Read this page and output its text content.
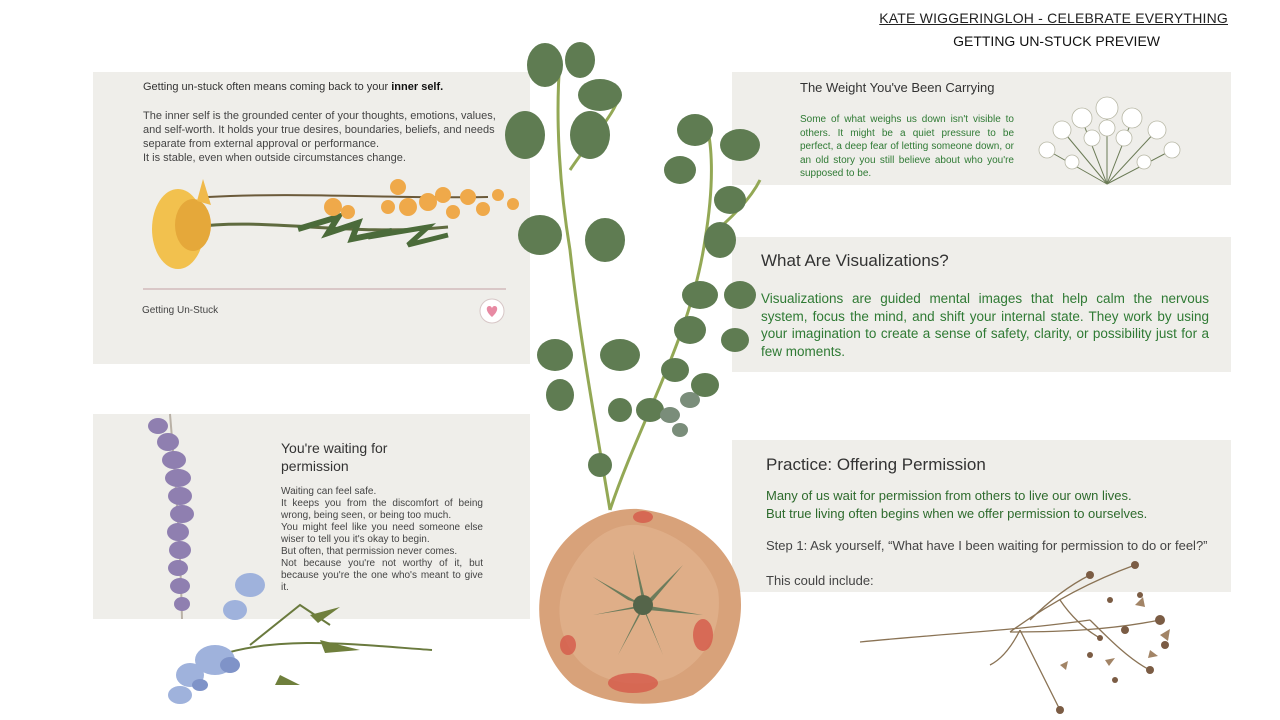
KATE WIGGERINGLOH - CELEBRATE EVERYTHING
GETTING UN-STUCK PREVIEW
Getting un-stuck often means coming back to your inner self.
The inner self is the grounded center of your thoughts, emotions, values, and self-worth. It holds your true desires, boundaries, beliefs, and needs separate from external approval or performance.
It is stable, even when outside circumstances change.
Getting Un-Stuck
The Weight You've Been Carrying
Some of what weighs us down isn't visible to others. It might be a quiet pressure to be perfect, a deep fear of letting someone down, or an old story you still believe about who you're supposed to be.
What Are Visualizations?
Visualizations are guided mental images that help calm the nervous system, focus the mind, and shift your internal state. They work by using your imagination to create a sense of safety, clarity, or possibility just for a few moments.
You're waiting for permission

Waiting can feel safe.

It keeps you from the discomfort of being wrong, being seen, or being too much.

You might feel like you need someone else wiser to tell you it's okay to begin.

But often, that permission never comes.

Not because you're not worthy of it, but because you're the one who's meant to give it.

Practice: Offering Permission
Many of us wait for permission from others to live our own lives.
But true living often begins when we offer permission to ourselves.
Step 1: Ask yourself, “What have I been waiting for permission to do or feel?”
This could include:
